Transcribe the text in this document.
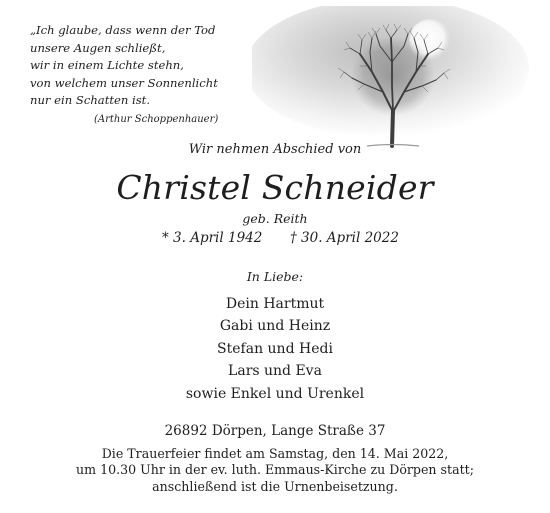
„Ich glaube, dass wenn der Tod
unsere Augen schließt,
wir in einem Lichte stehn,
von welchem unser Sonnenlicht
nur ein Schatten ist.
(Arthur Schoppenhauer)
Wir nehmen Abschied von
Christel Schneider
geb. Reith
* 3. April 1942 † 30. April 2022
In Liebe:
Dein Hartmut
Gabi und Heinz
Stefan und Hedi
Lars und Eva
sowie Enkel und Urenkel
26892 Dörpen, Lange Straße 37
Die Trauerfeier findet am Samstag, den 14. Mai 2022,
um 10.30 Uhr in der ev. luth. Emmaus-Kirche zu Dörpen statt;
anschließend ist die Urnenbeisetzung.
